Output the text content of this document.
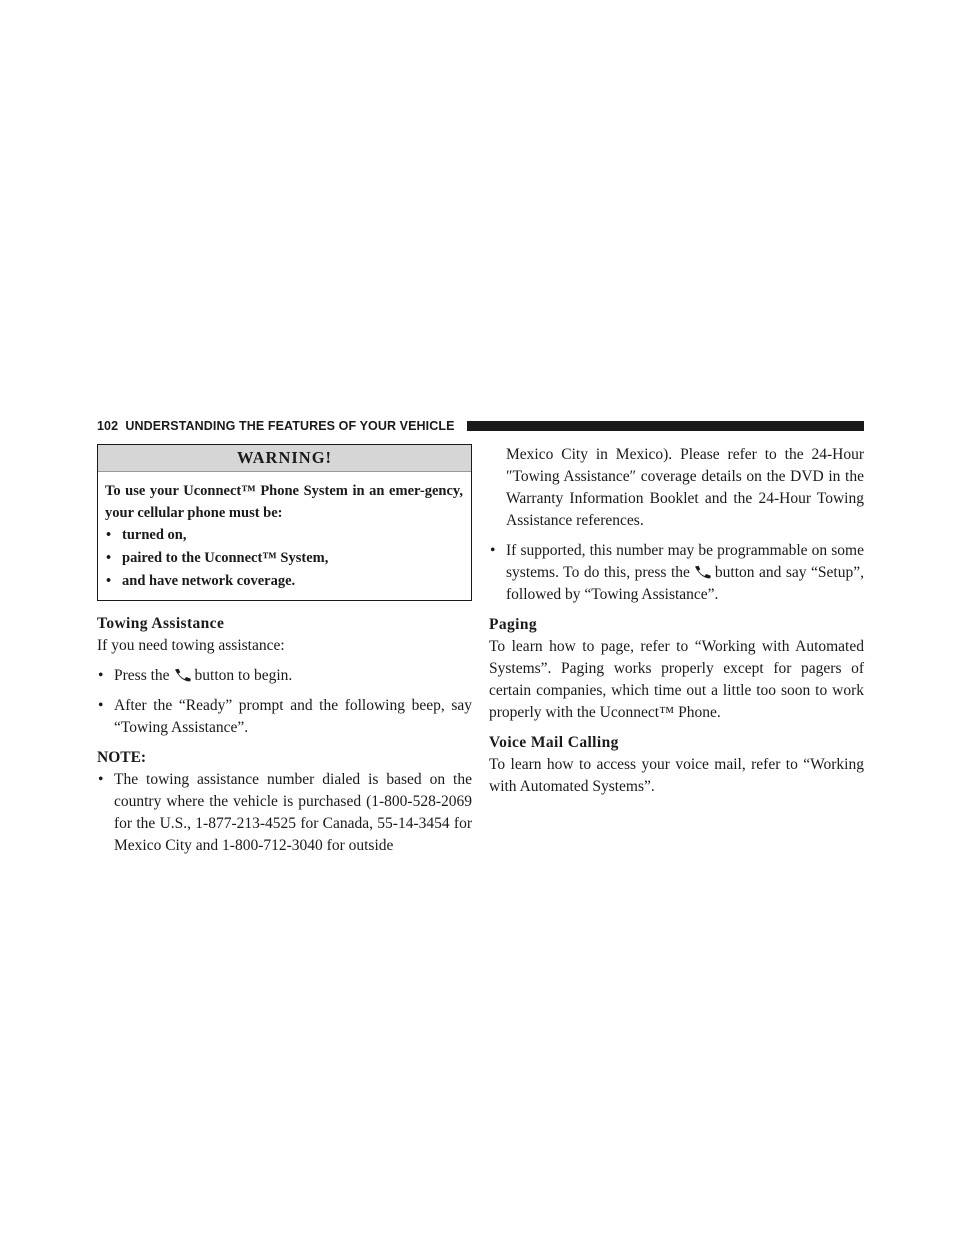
102 UNDERSTANDING THE FEATURES OF YOUR VEHICLE
WARNING!
To use your Uconnect™ Phone System in an emer-gency, your cellular phone must be:
• turned on,
• paired to the Uconnect™ System,
• and have network coverage.
Towing Assistance

If you need towing assistance:

• Press the button to begin.
• After the “Ready” prompt and the following beep, say “Towing Assistance”.
NOTE:
• The towing assistance number dialed is based on the country where the vehicle is purchased (1-800-528-2069 for the U.S., 1-877-213-4525 for Canada, 55-14-3454 for Mexico City and 1-800-712-3040 for outside
Mexico City in Mexico). Please refer to the 24-Hour ″Towing Assistance″ coverage details on the DVD in the Warranty Information Booklet and the 24-Hour Towing Assistance references.
• If supported, this number may be programmable on some systems. To do this, press the button and say “Setup”, followed by “Towing Assistance”.
Paging

To learn how to page, refer to “Working with Automated Systems”. Paging works properly except for pagers of certain companies, which time out a little too soon to work properly with the Uconnect™ Phone.

Voice Mail Calling

To learn how to access your voice mail, refer to “Working with Automated Systems”.
